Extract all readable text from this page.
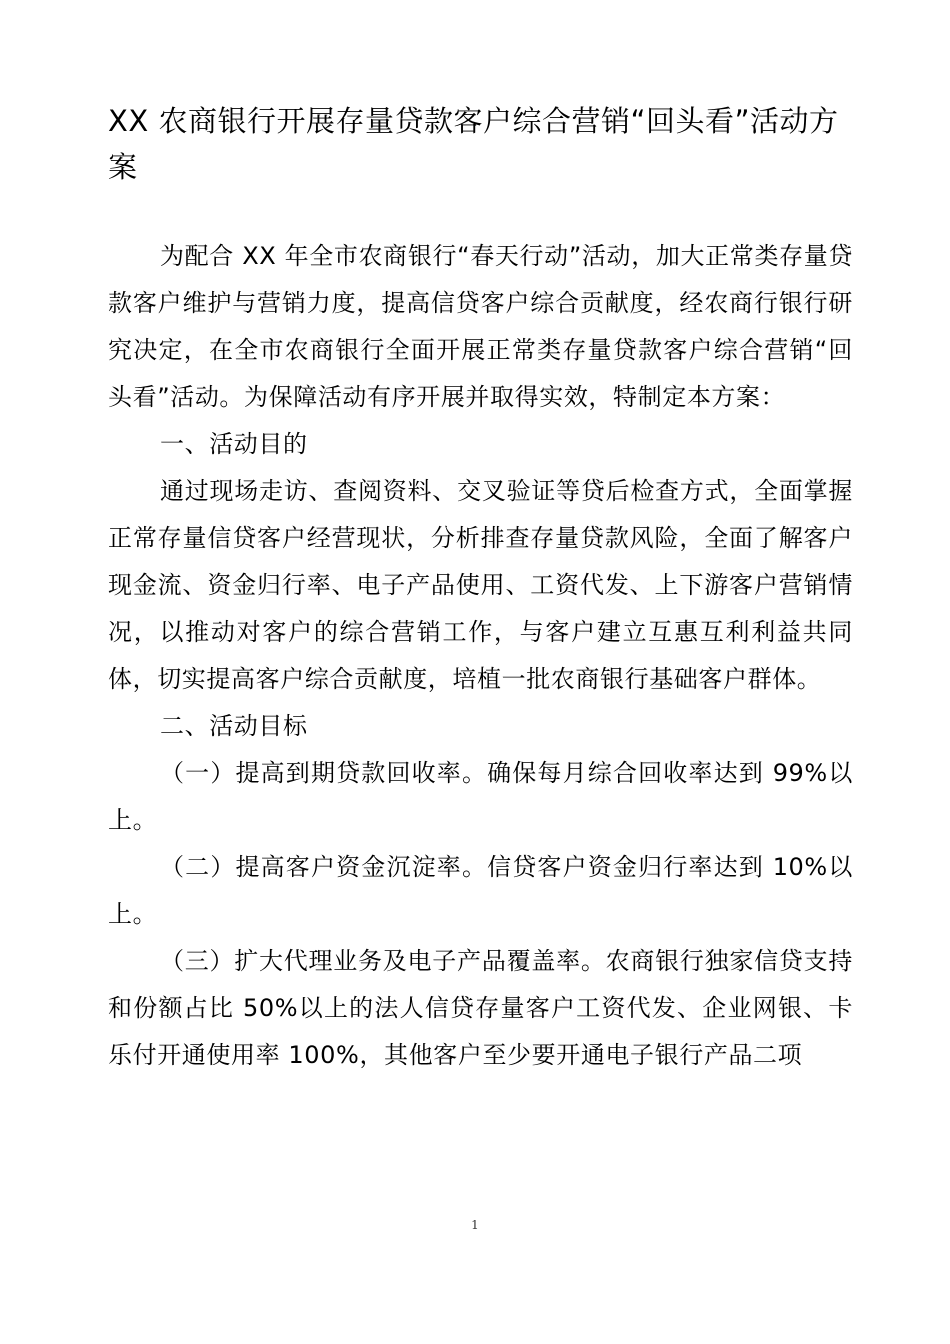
XX 农商银行开展存量贷款客户综合营销“回头看”活动方案

为配合 XX 年全市农商银行“春天行动”活动，加大正常类存量贷款客户维护与营销力度，提高信贷客户综合贡献度，经农商行银行研究决定，在全市农商银行全面开展正常类存量贷款客户综合营销“回头看”活动。为保障活动有序开展并取得实效，特制定本方案：

一、活动目的

通过现场走访、查阅资料、交叉验证等贷后检查方式，全面掌握正常存量信贷客户经营现状，分析排查存量贷款风险，全面了解客户现金流、资金归行率、电子产品使用、工资代发、上下游客户营销情况，以推动对客户的综合营销工作，与客户建立互惠互利利益共同体，切实提高客户综合贡献度，培植一批农商银行基础客户群体。

二、活动目标

（一）提高到期贷款回收率。确保每月综合回收率达到 99%以上。

（二）提高客户资金沉淀率。信贷客户资金归行率达到 10%以上。

（三）扩大代理业务及电子产品覆盖率。农商银行独家信贷支持和份额占比 50%以上的法人信贷存量客户工资代发、企业网银、卡乐付开通使用率 100%，其他客户至少要开通电子银行产品二项

1
